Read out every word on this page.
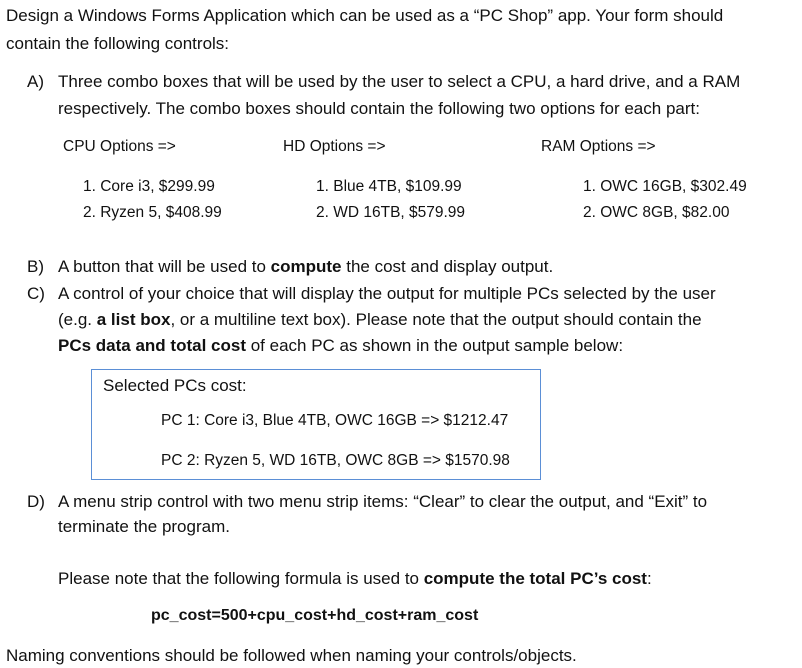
Design a Windows Forms Application which can be used as a “PC Shop” app. Your form should
contain the following controls:
A) Three combo boxes that will be used by the user to select a CPU, a hard drive, and a RAM
respectively. The combo boxes should contain the following two options for each part:
CPU Options =>	HD Options =>	RAM Options =>
1. Core i3, $299.99
2. Ryzen 5, $408.99
1. Blue 4TB, $109.99
2. WD 16TB, $579.99
1. OWC 16GB, $302.49
2. OWC 8GB, $82.00
B) A button that will be used to compute the cost and display output.
C) A control of your choice that will display the output for multiple PCs selected by the user
(e.g. a list box, or a multiline text box). Please note that the output should contain the
PCs data and total cost of each PC as shown in the output sample below:
Selected PCs cost:
PC 1: Core i3, Blue 4TB, OWC 16GB => $1212.47
PC 2: Ryzen 5, WD 16TB, OWC 8GB => $1570.98
D) A menu strip control with two menu strip items: “Clear” to clear the output, and “Exit” to
terminate the program.
Please note that the following formula is used to compute the total PC’s cost:
pc_cost=500+cpu_cost+hd_cost+ram_cost
Naming conventions should be followed when naming your controls/objects.
